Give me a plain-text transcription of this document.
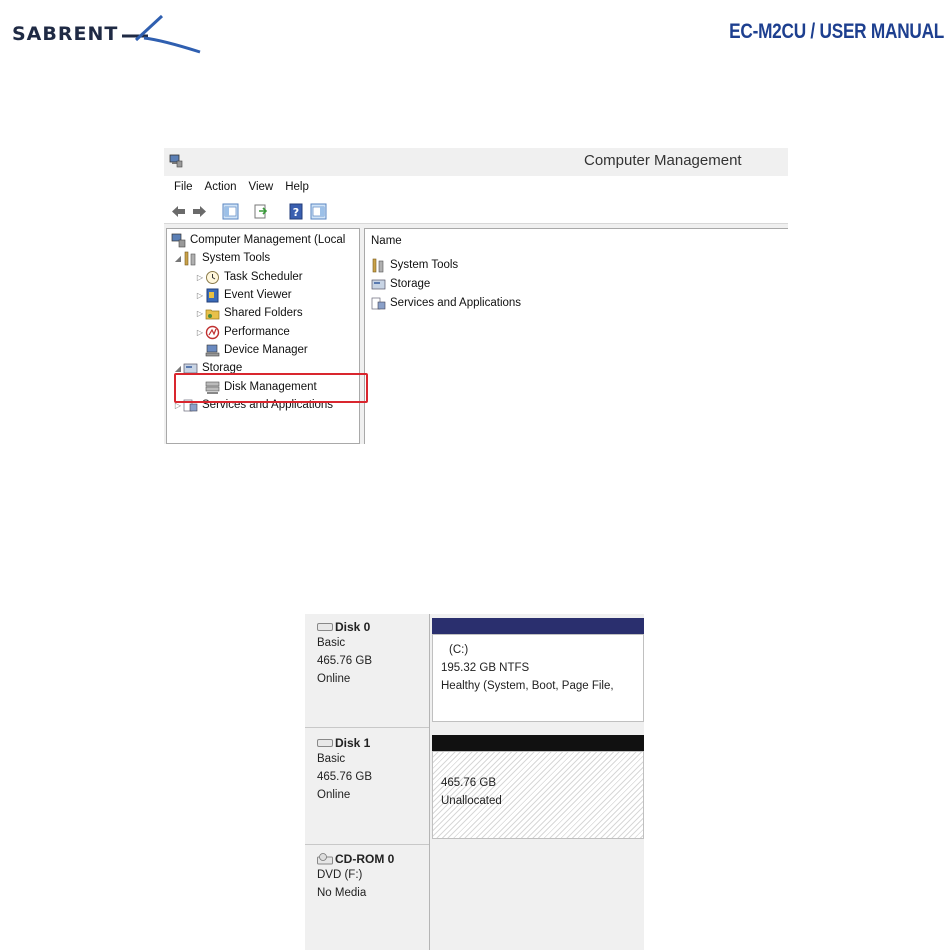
SABRENT	EC-M2CU / USER MANUAL
Computer Management
File Action View Help
?
Computer Management (Local
◢ System Tools
▷ Task Scheduler
▷ Event Viewer
▷ Shared Folders
▷ Performance
Device Manager
◢ Storage
Disk Management
▷ Services and Applications
Name
System Tools
Storage
Services and Applications
Disk 0
Basic
465.76 GB
Online
(C:)
195.32 GB NTFS
Healthy (System, Boot, Page File,
Disk 1
Basic
465.76 GB
Online
465.76 GB
Unallocated
CD-ROM 0
DVD (F:)
No Media
